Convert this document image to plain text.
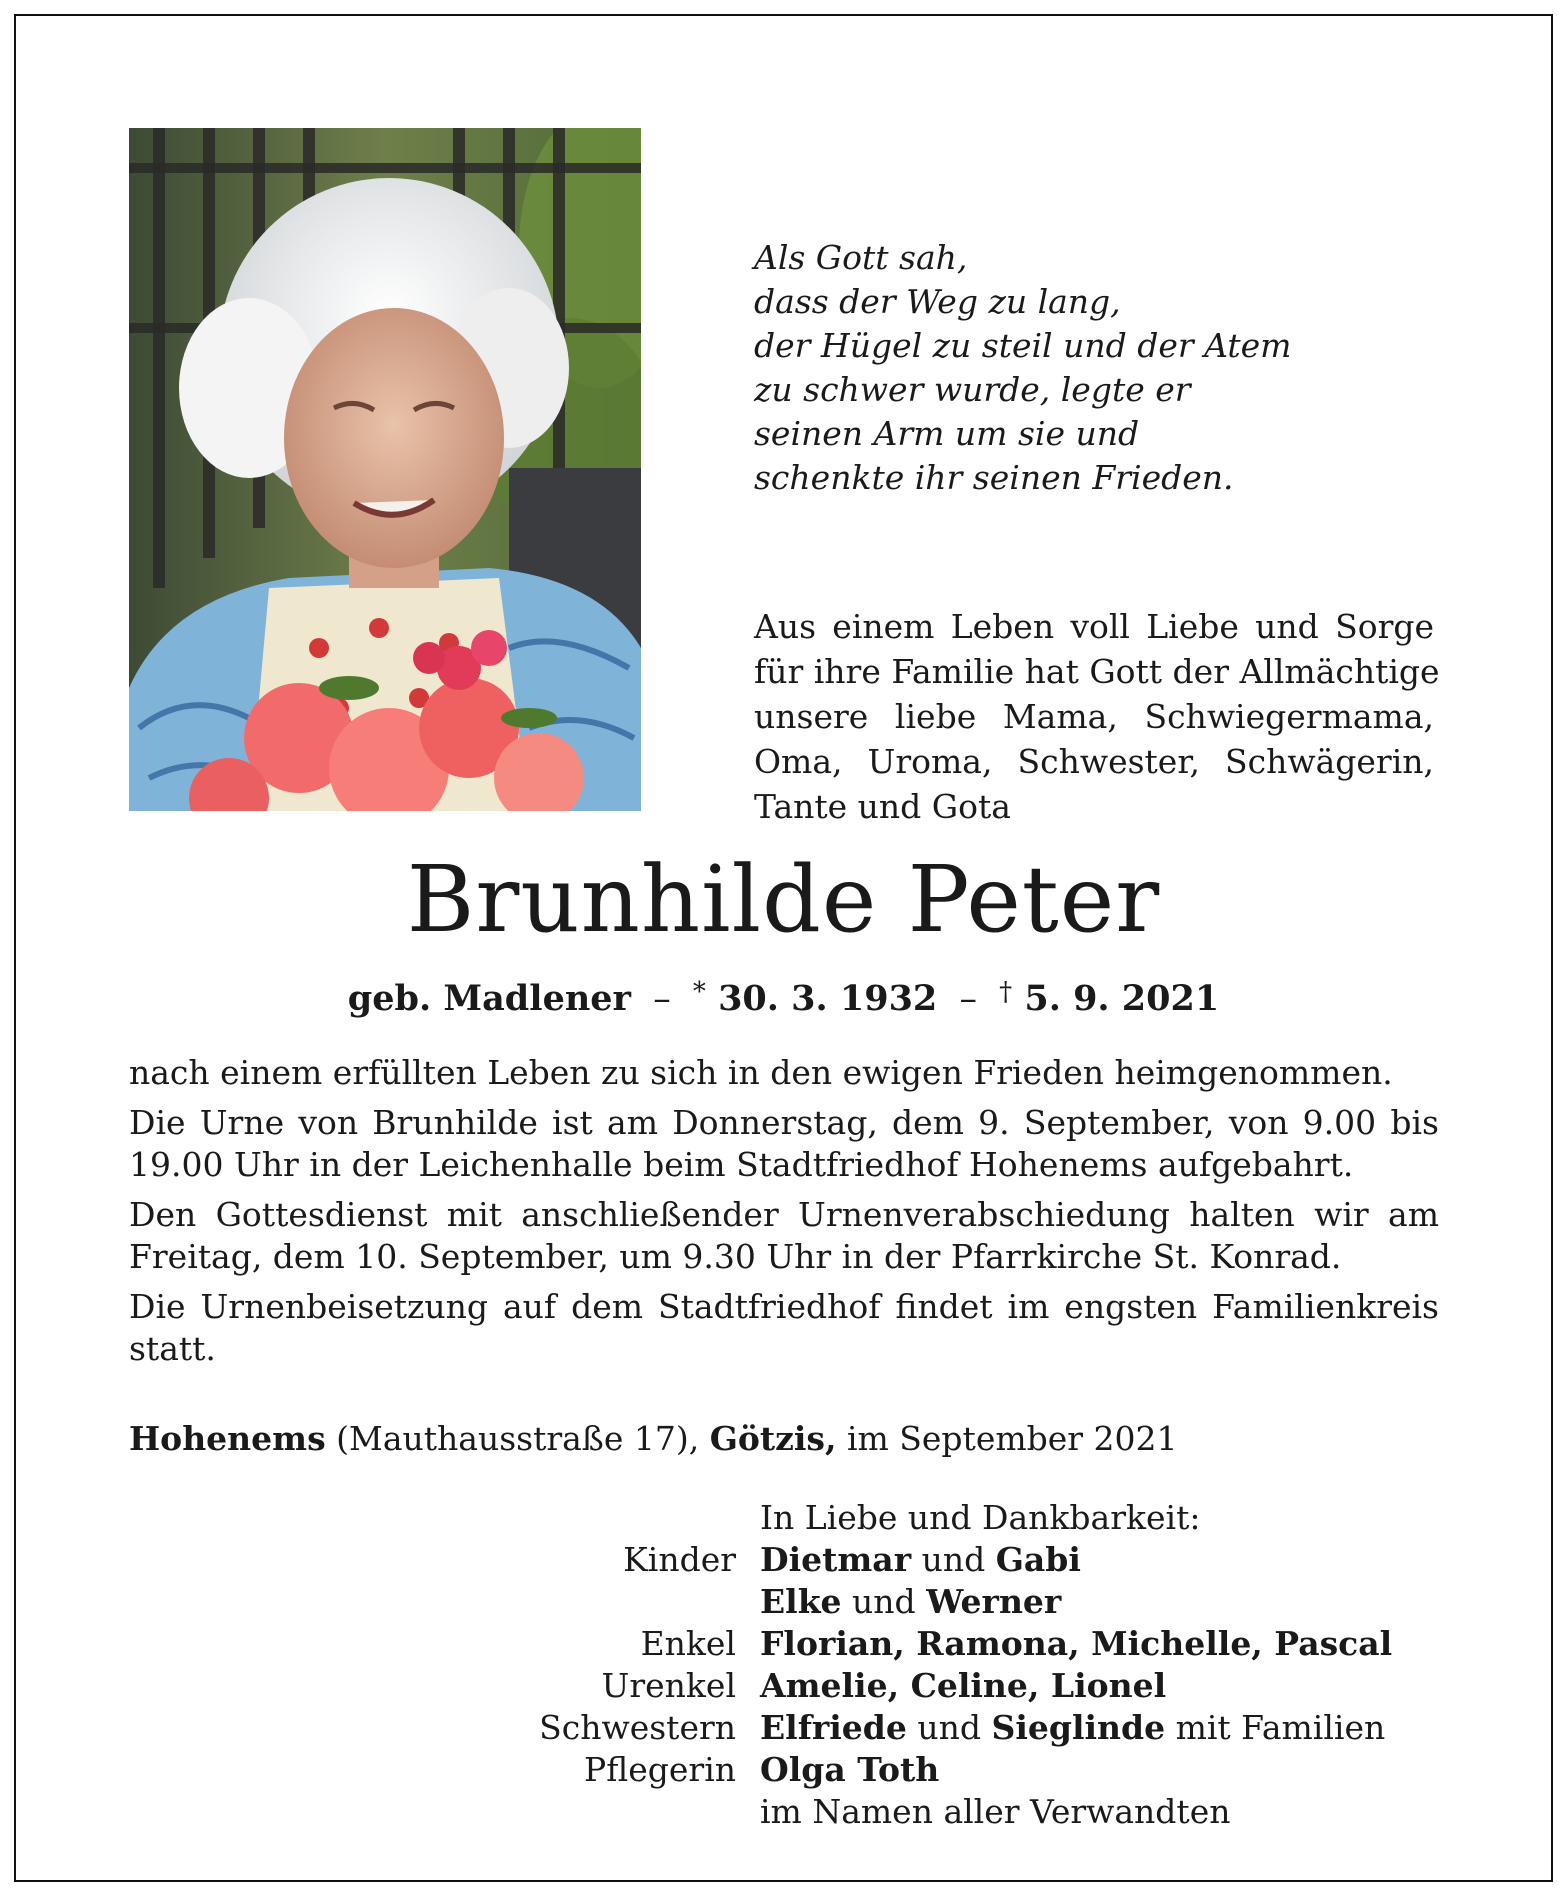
Als Gott sah,
dass der Weg zu lang,
der Hügel zu steil und der Atem
zu schwer wurde, legte er
seinen Arm um sie und
schenkte ihr seinen Frieden.
Aus einem Leben voll Liebe und Sorge
für ihre Familie hat Gott der Allmächtige
unsere liebe Mama, Schwiegermama,
Oma, Uroma, Schwester, Schwägerin,
Tante und Gota
Brunhilde Peter
geb. Madlener – * 30. 3. 1932 – † 5. 9. 2021

nach einem erfüllten Leben zu sich in den ewigen Frieden heimgenommen.

Die Urne von Brunhilde ist am Donnerstag, dem 9. September, von 9.00 bis 19.00 Uhr in der Leichenhalle beim Stadtfriedhof Hohenems aufgebahrt.

Den Gottesdienst mit anschließender Urnenverabschiedung halten wir am Freitag, dem 10. September, um 9.30 Uhr in der Pfarrkirche St. Konrad.

Die Urnenbeisetzung auf dem Stadtfriedhof findet im engsten Familienkreis statt.

Hohenems (Mauthausstraße 17), Götzis, im September 2021
In Liebe und Dankbarkeit:
Kinder Dietmar und Gabi
Elke und Werner
Enkel Florian, Ramona, Michelle, Pascal
Urenkel Amelie, Celine, Lionel
Schwestern Elfriede und Sieglinde mit Familien
Pflegerin Olga Toth
im Namen aller Verwandten
